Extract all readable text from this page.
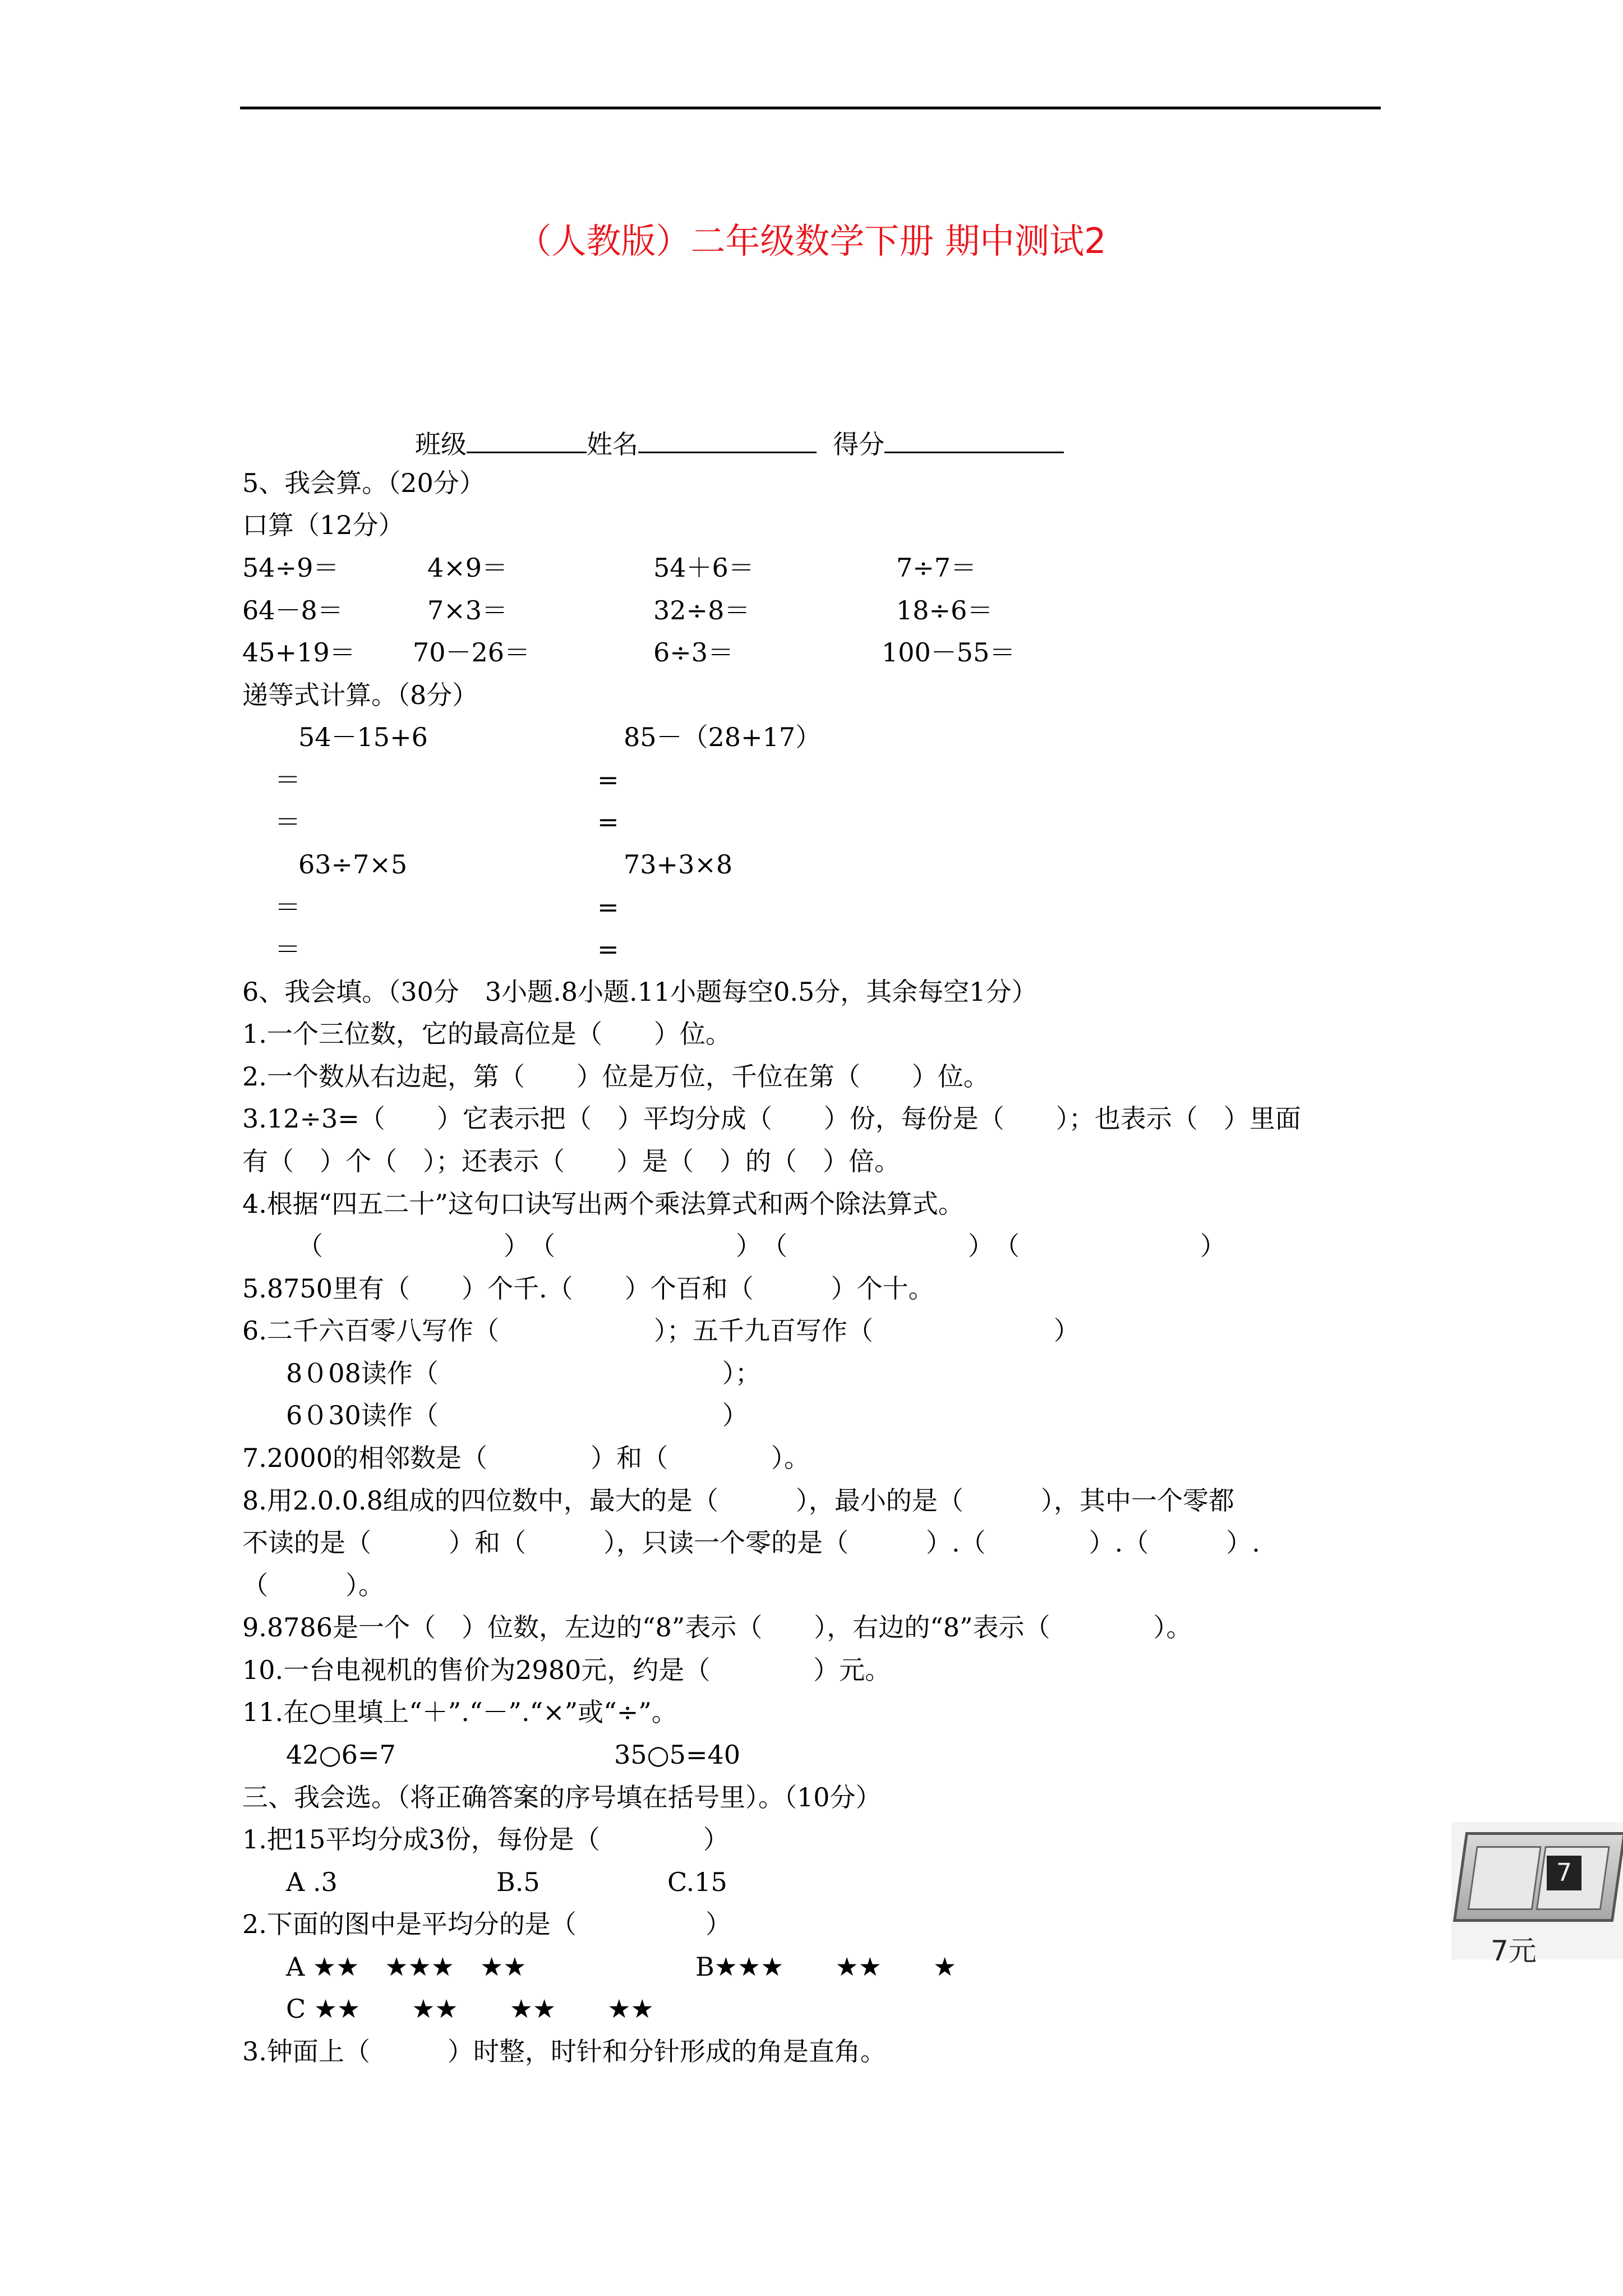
（人教版）二年级数学下册 期中测试2
班级	姓名	得分
5、我会算。（20分）
口算（12分）
54÷9＝	4×9＝	54＋6＝	7÷7＝
64－8＝	7×3＝	32÷8＝	18÷6＝
45+19＝ 70－26＝	6÷3＝	100－55＝
递等式计算。（8分）
54－15+6	85－（28+17）
＝	=
＝	=
63÷7×5	73+3×8
＝	=
＝	=
6、我会填。（30分　3小题.8小题.11小题每空0.5分，其余每空1分）
1.一个三位数，它的最高位是（　　）位。
2.一个数从右边起，第（　　）位是万位，千位在第（　　）位。
3.12÷3=（　　）它表示把（　）平均分成（　　）份，每份是（　　）；也表示（　）里面
有（　）个（　）；还表示（　　）是（　）的（　）倍。
4.根据“四五二十”这句口诀写出两个乘法算式和两个除法算式。
（　　　　　　　）　（　　　　　　　）　（　　　　　　　）　（　　　　　　　）
5.8750里有（　　）个千.（　　）个百和（　　　）个十。
6.二千六百零八写作（　　　　　　）；五千九百写作（　　　　　　　）
8０08读作（　　　　　　　　　　　）；
6０30读作（　　　　　　　　　　　）
7.2000的相邻数是（　　　　）和（　　　　）。
8.用2.0.0.8组成的四位数中，最大的是（　　　），最小的是（　　　），其中一个零都
不读的是（　　　）和（　　　），只读一个零的是（　　　）.（　　　　）.（　　　）.
（　　　）。
9.8786是一个（　）位数，左边的“8”表示（　　），右边的“8”表示（　　　　）。
10.一台电视机的售价为2980元，约是（　　　　）元。
11.在○里填上“＋”.“－”.“×”或“÷”。
42○6=7	35○5=40
三、我会选。（将正确答案的序号填在括号里）。（10分）
1.把15平均分成3份，每份是（　　　　）
A .3	B.5	C.15
2.下面的图中是平均分的是（　　　　　）
A ★★　★★★　★★	B★★★　　★★　　★
C ★★　　★★　　★★　　★★
3.钟面上（　　　）时整，时针和分针形成的角是直角。
7
7元
